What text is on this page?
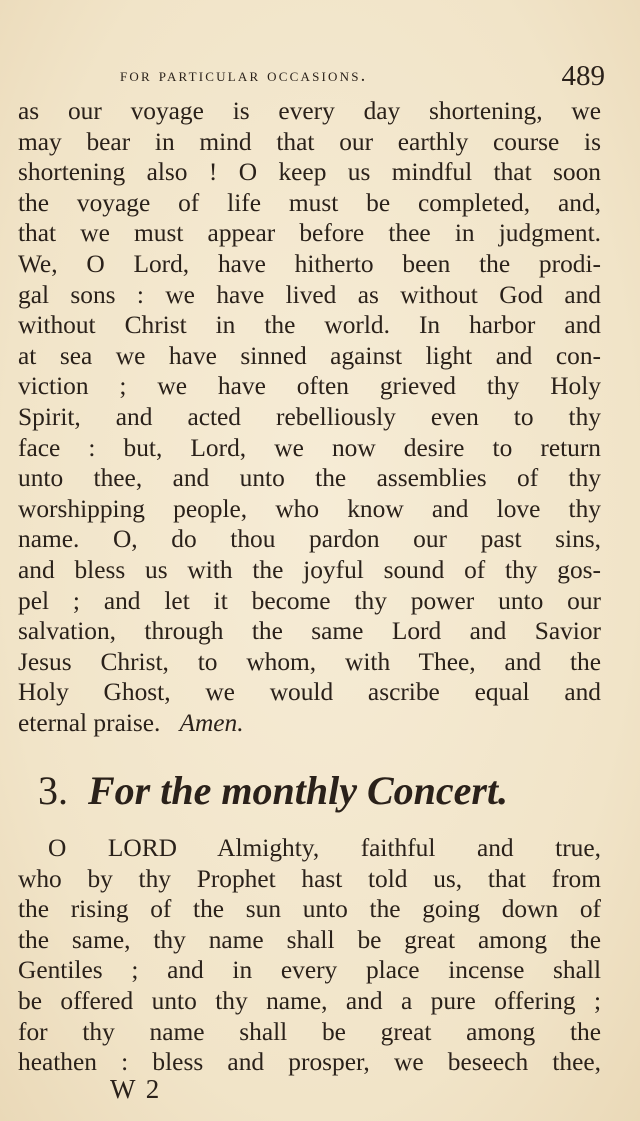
for particular occasions.	489
as our voyage is every day shortening, we
may bear in mind that our earthly course is
shortening also ! O keep us mindful that soon
the voyage of life must be completed, and,
that we must appear before thee in judgment.
We, O Lord, have hitherto been the prodi-
gal sons : we have lived as without God and
without Christ in the world. In harbor and
at sea we have sinned against light and con-
viction ; we have often grieved thy Holy
Spirit, and acted rebelliously even to thy
face : but, Lord, we now desire to return
unto thee, and unto the assemblies of thy
worshipping people, who know and love thy
name. O, do thou pardon our past sins,
and bless us with the joyful sound of thy gos-
pel ; and let it become thy power unto our
salvation, through the same Lord and Savior
Jesus Christ, to whom, with Thee, and the
Holy Ghost, we would ascribe equal and
eternal praise. Amen.
3. For the monthly Concert.
O LORD Almighty, faithful and true,
who by thy Prophet hast told us, that from
the rising of the sun unto the going down of
the same, thy name shall be great among the
Gentiles ; and in every place incense shall
be offered unto thy name, and a pure offering ;
for thy name shall be great among the
heathen : bless and prosper, we beseech thee,
W 2
